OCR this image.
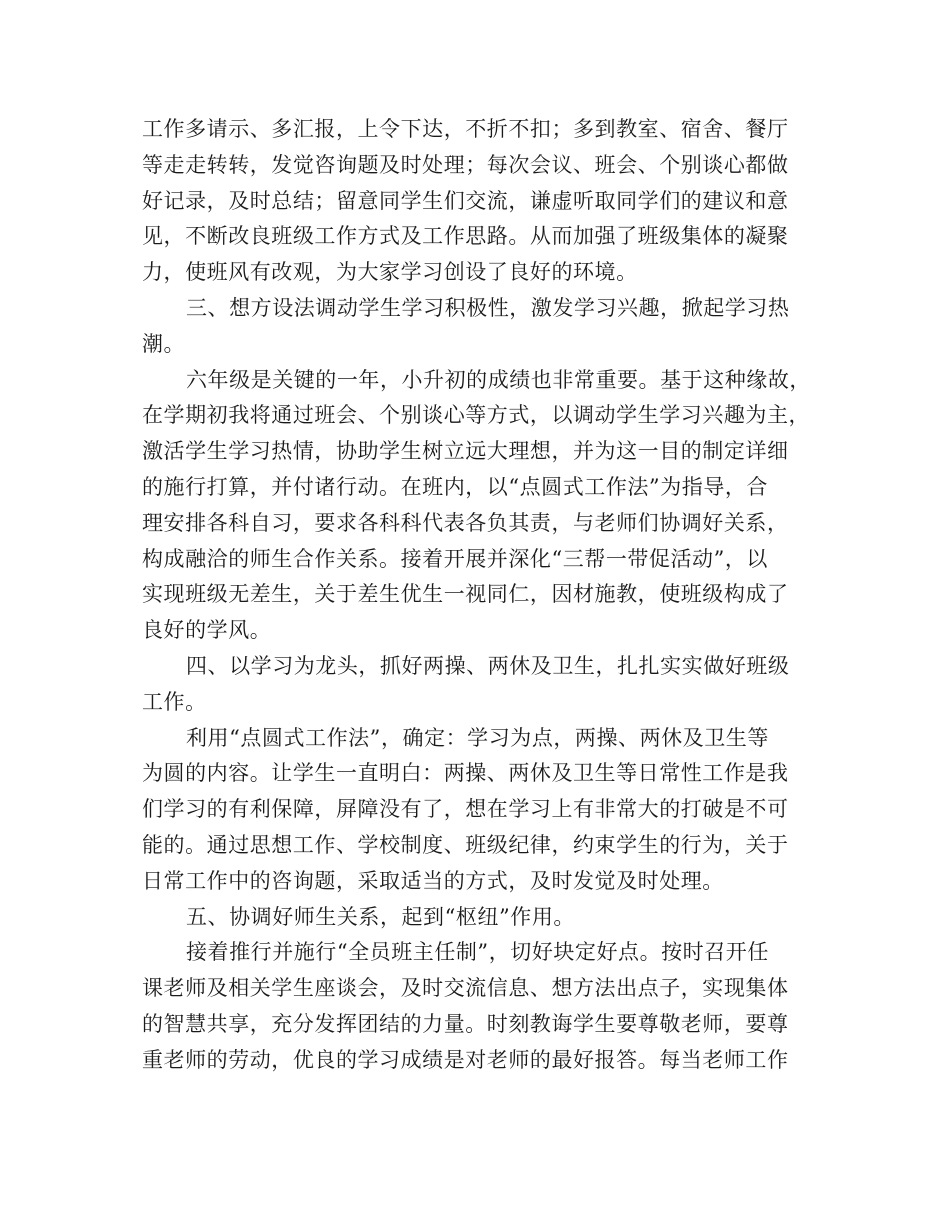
工作多请示、多汇报，上令下达，不折不扣；多到教室、宿舍、餐厅
等走走转转，发觉咨询题及时处理；每次会议、班会、个别谈心都做
好记录，及时总结；留意同学生们交流，谦虚听取同学们的建议和意
见，不断改良班级工作方式及工作思路。从而加强了班级集体的凝聚
力，使班风有改观，为大家学习创设了良好的环境。
三、想方设法调动学生学习积极性，激发学习兴趣，掀起学习热
潮。
六年级是关键的一年，小升初的成绩也非常重要。基于这种缘故，
在学期初我将通过班会、个别谈心等方式，以调动学生学习兴趣为主，
激活学生学习热情，协助学生树立远大理想，并为这一目的制定详细
的施行打算，并付诸行动。在班内，以“点圆式工作法”为指导，合
理安排各科自习，要求各科科代表各负其责，与老师们协调好关系，
构成融洽的师生合作关系。接着开展并深化“三帮一带促活动”，以
实现班级无差生，关于差生优生一视同仁，因材施教，使班级构成了
良好的学风。
四、以学习为龙头，抓好两操、两休及卫生，扎扎实实做好班级
工作。
利用“点圆式工作法”，确定：学习为点，两操、两休及卫生等
为圆的内容。让学生一直明白：两操、两休及卫生等日常性工作是我
们学习的有利保障，屏障没有了，想在学习上有非常大的打破是不可
能的。通过思想工作、学校制度、班级纪律，约束学生的行为，关于
日常工作中的咨询题，采取适当的方式，及时发觉及时处理。
五、协调好师生关系，起到“枢纽”作用。
接着推行并施行“全员班主任制”，切好块定好点。按时召开任
课老师及相关学生座谈会，及时交流信息、想方法出点子，实现集体
的智慧共享，充分发挥团结的力量。时刻教诲学生要尊敬老师，要尊
重老师的劳动，优良的学习成绩是对老师的最好报答。每当老师工作
